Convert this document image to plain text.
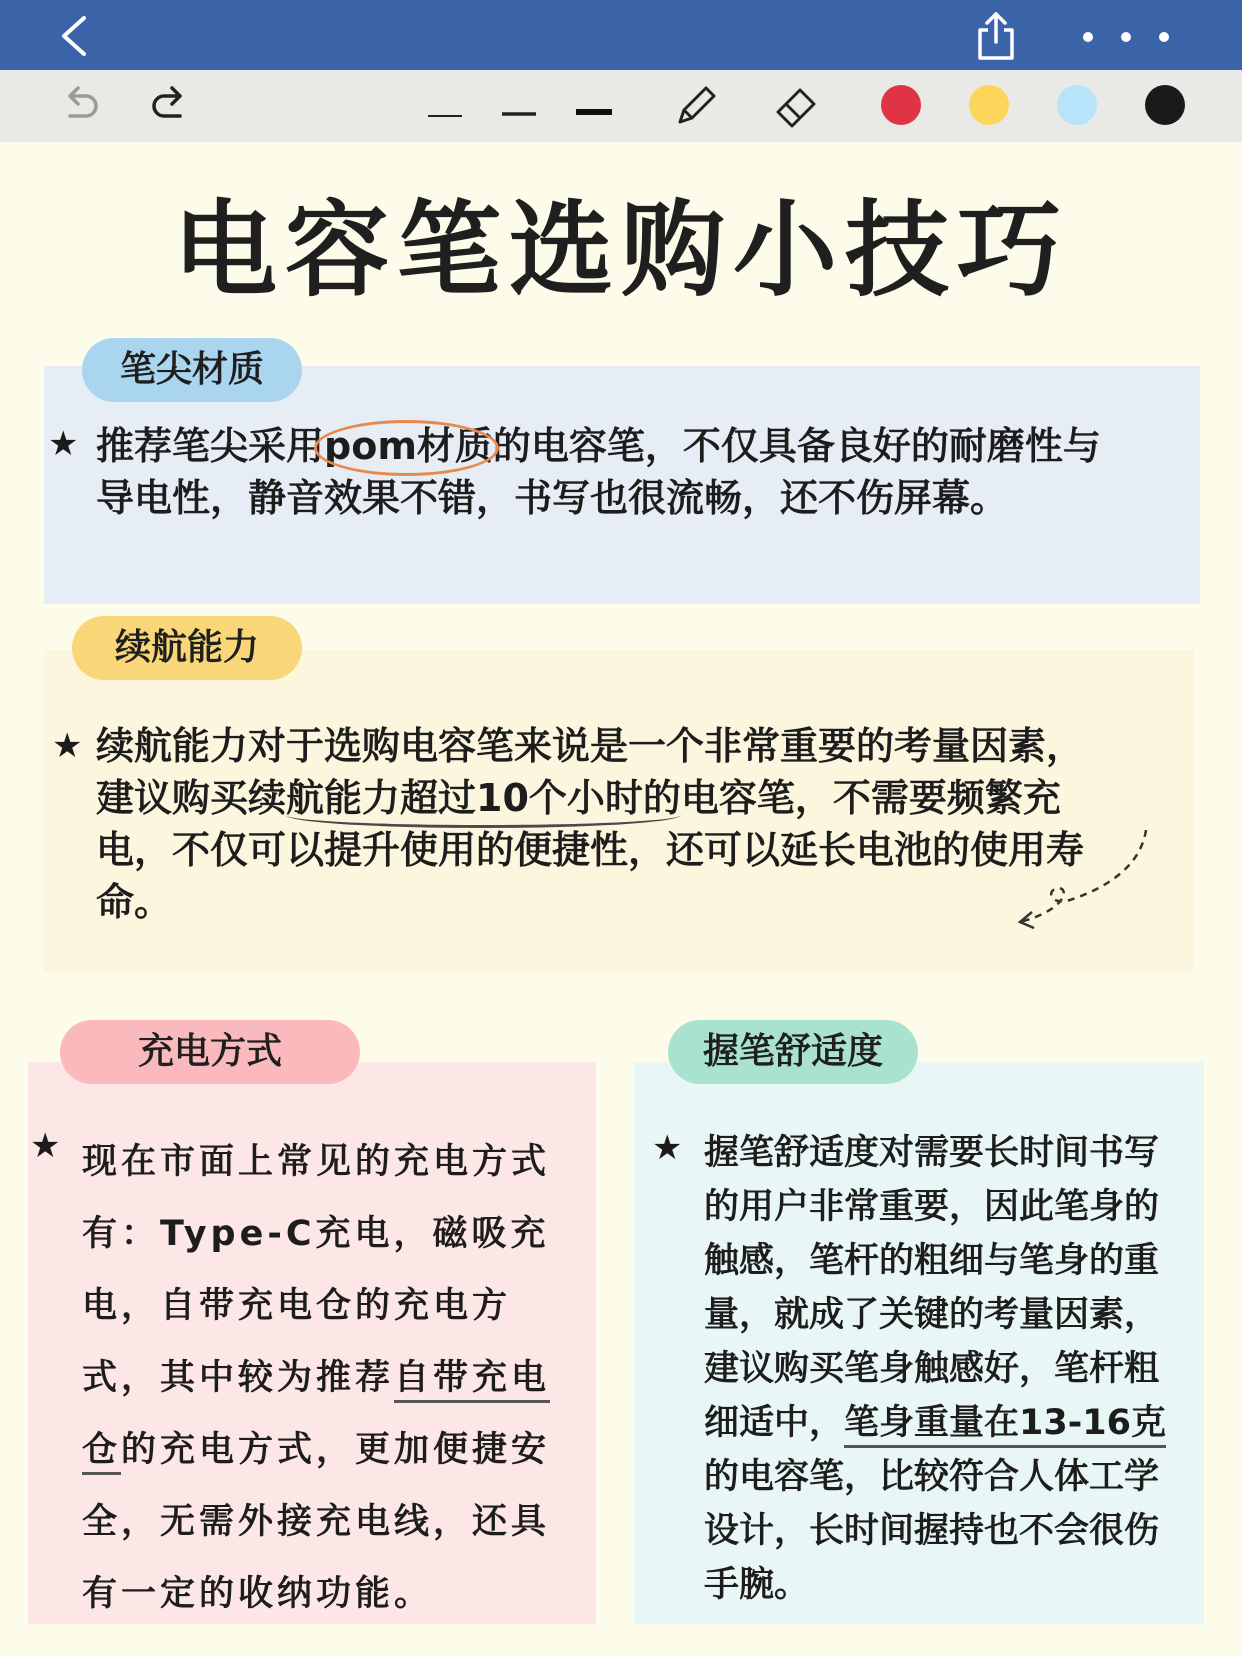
电容笔选购小技巧
笔尖材质
★ 推荐笔尖采用pom材质的电容笔，不仅具备良好的耐磨性与导电性，静音效果不错，书写也很流畅，还不伤屏幕。
续航能力
★ 续航能力对于选购电容笔来说是一个非常重要的考量因素，建议购买续航能力超过10个小时的电容笔，不需要频繁充电，不仅可以提升使用的便捷性，还可以延长电池的使用寿命。
充电方式
★ 现在市面上常见的充电方式有：Type-C充电，磁吸充电，自带充电仓的充电方式，其中较为推荐自带充电仓的充电方式，更加便捷安全，无需外接充电线，还具有一定的收纳功能。
握笔舒适度
★ 握笔舒适度对需要长时间书写的用户非常重要，因此笔身的触感，笔杆的粗细与笔身的重量，就成了关键的考量因素，建议购买笔身触感好，笔杆粗细适中，笔身重量在13-16克的电容笔，比较符合人体工学设计，长时间握持也不会很伤手腕。
